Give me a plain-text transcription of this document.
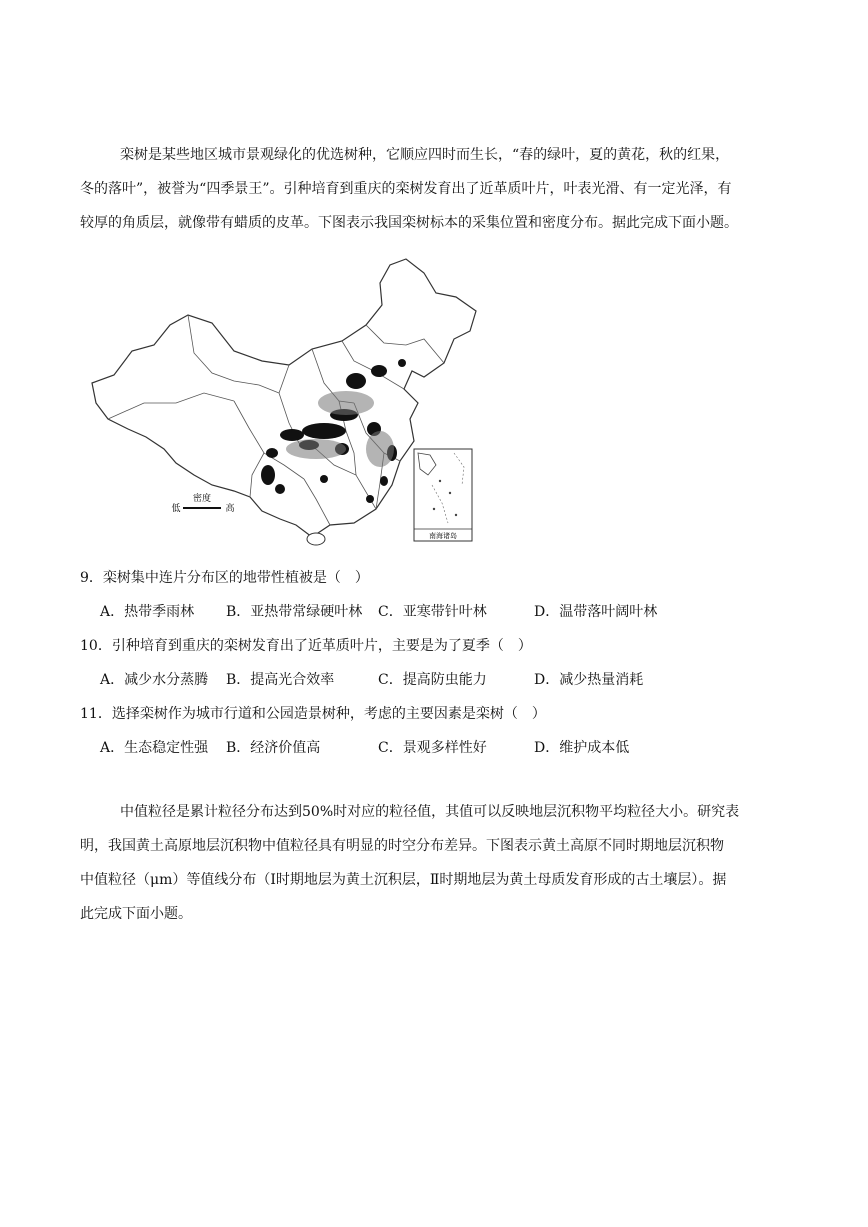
栾树是某些地区城市景观绿化的优选树种，它顺应四时而生长，“春的绿叶，夏的黄花，秋的红果，
冬的落叶”，被誉为“四季景王”。引种培育到重庆的栾树发育出了近革质叶片，叶表光滑、有一定光泽，有
较厚的角质层，就像带有蜡质的皮革。下图表示我国栾树标本的采集位置和密度分布。据此完成下面小题。
密度
低	高
南海诸岛
9．栾树集中连片分布区的地带性植被是（　）
A．热带季雨林 B．亚热带常绿硬叶林 C．亚寒带针叶林	D．温带落叶阔叶林
10．引种培育到重庆的栾树发育出了近革质叶片，主要是为了夏季（　）
A．减少水分蒸腾 B．提高光合效率	C．提高防虫能力	D．减少热量消耗
11．选择栾树作为城市行道和公园造景树种，考虑的主要因素是栾树（　）
A．生态稳定性强 B．经济价值高	C．景观多样性好	D．维护成本低
中值粒径是累计粒径分布达到50%时对应的粒径值，其值可以反映地层沉积物平均粒径大小。研究表
明，我国黄土高原地层沉积物中值粒径具有明显的时空分布差异。下图表示黄土高原不同时期地层沉积物
中值粒径（μm）等值线分布（Ⅰ时期地层为黄土沉积层，Ⅱ时期地层为黄土母质发育形成的古土壤层）。据
此完成下面小题。
